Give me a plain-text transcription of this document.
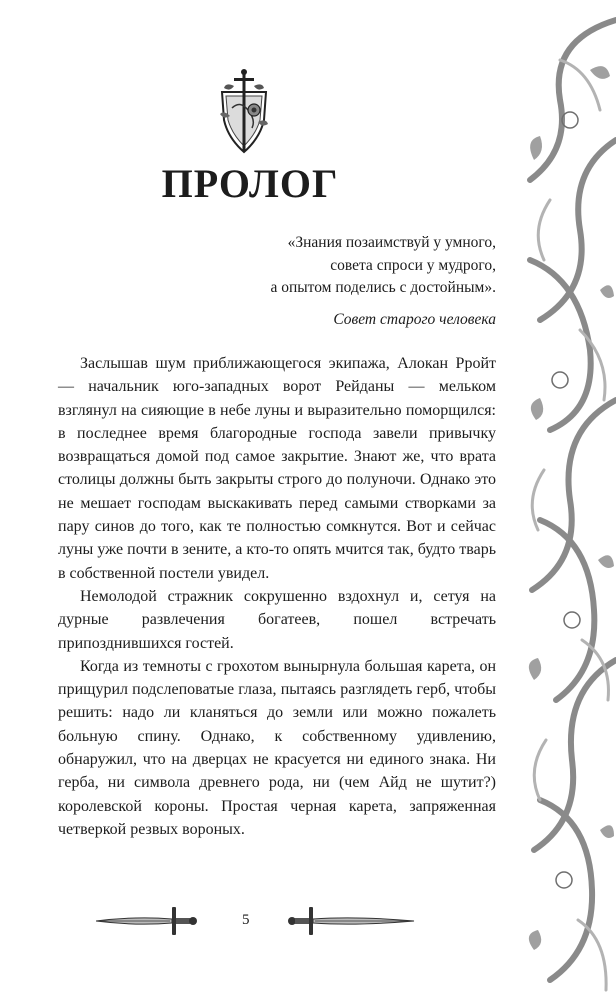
ПРОЛОГ
«Знания позаимствуй у умного,
совета спроси у мудрого,
а опытом поделись с достойным».
Совет старого человека

Заслышав шум приближающегося экипажа, Алокан Рройт — начальник юго-западных ворот Рейданы — мельком взглянул на сияющие в небе луны и выразительно поморщился: в последнее время благородные господа завели привычку возвращаться домой под самое закрытие. Знают же, что врата столицы должны быть закрыты строго до полуночи. Однако это не мешает господам выскакивать перед самыми створками за пару синов до того, как те полностью сомкнутся. Вот и сейчас луны уже почти в зените, а кто-то опять мчится так, будто тварь в собственной постели увидел.

Немолодой стражник сокрушенно вздохнул и, сетуя на дурные развлечения богатеев, пошел встречать припозднившихся гостей.

Когда из темноты с грохотом вынырнула большая карета, он прищурил подслеповатые глаза, пытаясь разглядеть герб, чтобы решить: надо ли кланяться до земли или можно пожалеть больную спину. Однако, к собственному удивлению, обнаружил, что на дверцах не красуется ни единого знака. Ни герба, ни символа древнего рода, ни (чем Айд не шутит?) королевской короны. Простая черная карета, запряженная четверкой резвых вороных.

5
